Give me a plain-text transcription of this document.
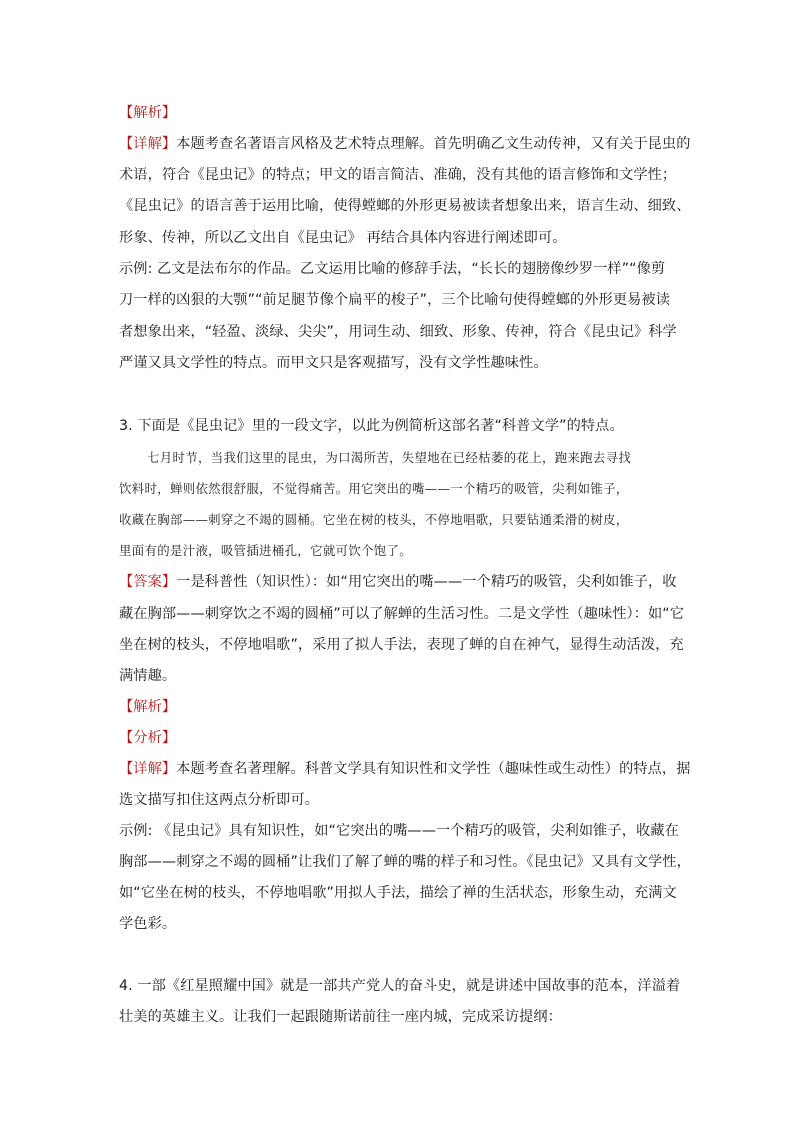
【解析】
【详解】本题考查名著语言风格及艺术特点理解。首先明确乙文生动传神，又有关于昆虫的
术语，符合《昆虫记》的特点；甲文的语言简洁、准确，没有其他的语言修饰和文学性；
《昆虫记》的语言善于运用比喻，使得螳螂的外形更易被读者想象出来，语言生动、细致、
形象、传神，所以乙文出自《昆虫记》 再结合具体内容进行阐述即可。
示例: 乙文是法布尔的作品。乙文运用比喻的修辞手法，“长长的翅膀像纱罗一样”“像剪
刀一样的凶狠的大颚”“前足腿节像个扁平的梭子”，三个比喻句使得螳螂的外形更易被读
者想象出来，“轻盈、淡绿、尖尖”，用词生动、细致、形象、传神，符合《昆虫记》科学
严谨又具文学性的特点。而甲文只是客观描写，没有文学性趣味性。
3. 下面是《昆虫记》里的一段文字，以此为例简析这部名著“科普文学”的特点。
七月时节，当我们这里的昆虫，为口渴所苦，失望地在已经枯萎的花上，跑来跑去寻找
饮料时，蝉则依然很舒服，不觉得痛苦。用它突出的嘴——一个精巧的吸管，尖利如锥子，
收藏在胸部——刺穿之不竭的圆桶。它坐在树的枝头，不停地唱歌，只要钻通柔滑的树皮，
里面有的是汁液，吸管插进桶孔，它就可饮个饱了。
【答案】一是科普性（知识性）：如“用它突出的嘴——一个精巧的吸管，尖利如锥子，收
藏在胸部——刺穿饮之不竭的圆桶”可以了解蝉的生活习性。二是文学性（趣味性）：如“它
坐在树的枝头，不停地唱歌”，采用了拟人手法，表现了蝉的自在神气，显得生动活泼，充
满情趣。
【解析】
【分析】
【详解】本题考查名著理解。科普文学具有知识性和文学性（趣味性或生动性）的特点，据
选文描写扣住这两点分析即可。
示例: 《昆虫记》具有知识性，如“它突出的嘴——一个精巧的吸管，尖利如锥子，收藏在
胸部——刺穿之不竭的圆桶”让我们了解了蝉的嘴的样子和习性。《昆虫记》又具有文学性，
如“它坐在树的枝头，不停地唱歌”用拟人手法，描绘了禅的生活状态，形象生动，充满文
学色彩。
4. 一部《红星照耀中国》就是一部共产党人的奋斗史，就是讲述中国故事的范本，洋溢着
壮美的英雄主义。让我们一起跟随斯诺前往一座内城，完成采访提纲：
